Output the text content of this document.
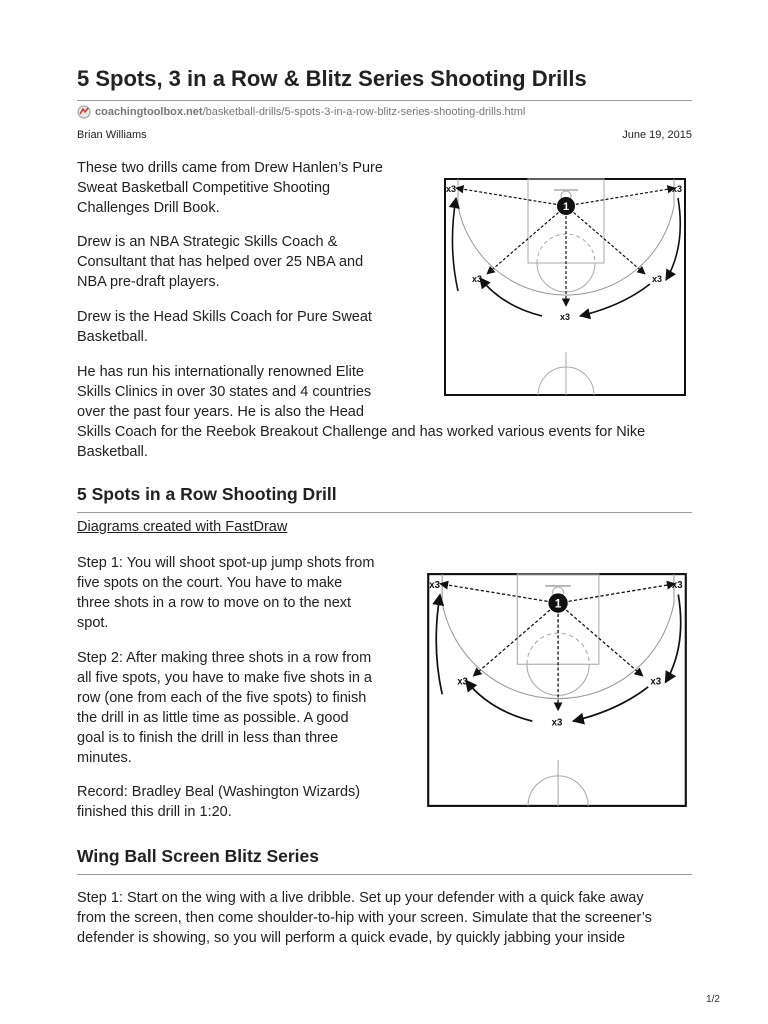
5 Spots, 3 in a Row & Blitz Series Shooting Drills
coachingtoolbox.net /basketball-drills/5-spots-3-in-a-row-blitz-series-shooting-drills.html
Brian Williams	June 19, 2015
These two drills came from Drew Hanlen’s Pure
Sweat Basketball Competitive Shooting
Challenges Drill Book.
Drew is an NBA Strategic Skills Coach &
Consultant that has helped over 25 NBA and
NBA pre-draft players.
Drew is the Head Skills Coach for Pure Sweat
Basketball.
He has run his internationally renowned Elite
Skills Clinics in over 30 states and 4 countries
over the past four years. He is also the Head
Skills Coach for the Reebok Breakout Challenge and has worked various events for Nike
Basketball.
1
x3	x3
x3	x3
x3
5 Spots in a Row Shooting Drill
Diagrams created with FastDraw
Step 1: You will shoot spot-up jump shots from
five spots on the court. You have to make
three shots in a row to move on to the next
spot.
Step 2: After making three shots in a row from
all five spots, you have to make five shots in a
row (one from each of the five spots) to finish
the drill in as little time as possible. A good
goal is to finish the drill in less than three
minutes.
Record: Bradley Beal (Washington Wizards)
finished this drill in 1:20.
1
x3	x3
x3	x3
x3
Wing Ball Screen Blitz Series
Step 1: Start on the wing with a live dribble. Set up your defender with a quick fake away
from the screen, then come shoulder-to-hip with your screen. Simulate that the screener’s
defender is showing, so you will perform a quick evade, by quickly jabbing your inside
1/2
